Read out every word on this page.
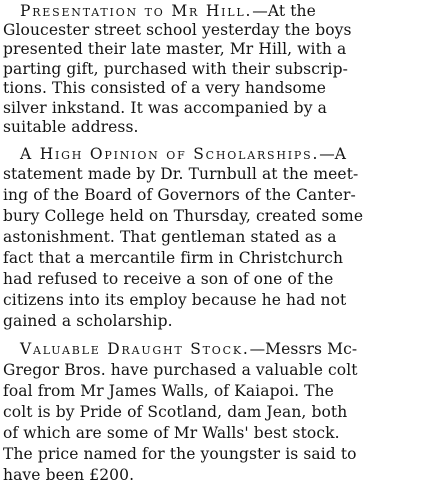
Presentation to Mr Hill.—At the
Gloucester street school yesterday the boys
presented their late master, Mr Hill, with a
parting gift, purchased with their subscrip-
tions. This consisted of a very handsome
silver inkstand. It was accompanied by a
suitable address.
A High Opinion of Scholarships.—A
statement made by Dr. Turnbull at the meet-
ing of the Board of Governors of the Canter-
bury College held on Thursday, created some
astonishment. That gentleman stated as a
fact that a mercantile firm in Christchurch
had refused to receive a son of one of the
citizens into its employ because he had not
gained a scholarship.
Valuable Draught Stock.—Messrs Mc-
Gregor Bros. have purchased a valuable colt
foal from Mr James Walls, of Kaiapoi. The
colt is by Pride of Scotland, dam Jean, both
of which are some of Mr Walls' best stock.
The price named for the youngster is said to
have been £200.
